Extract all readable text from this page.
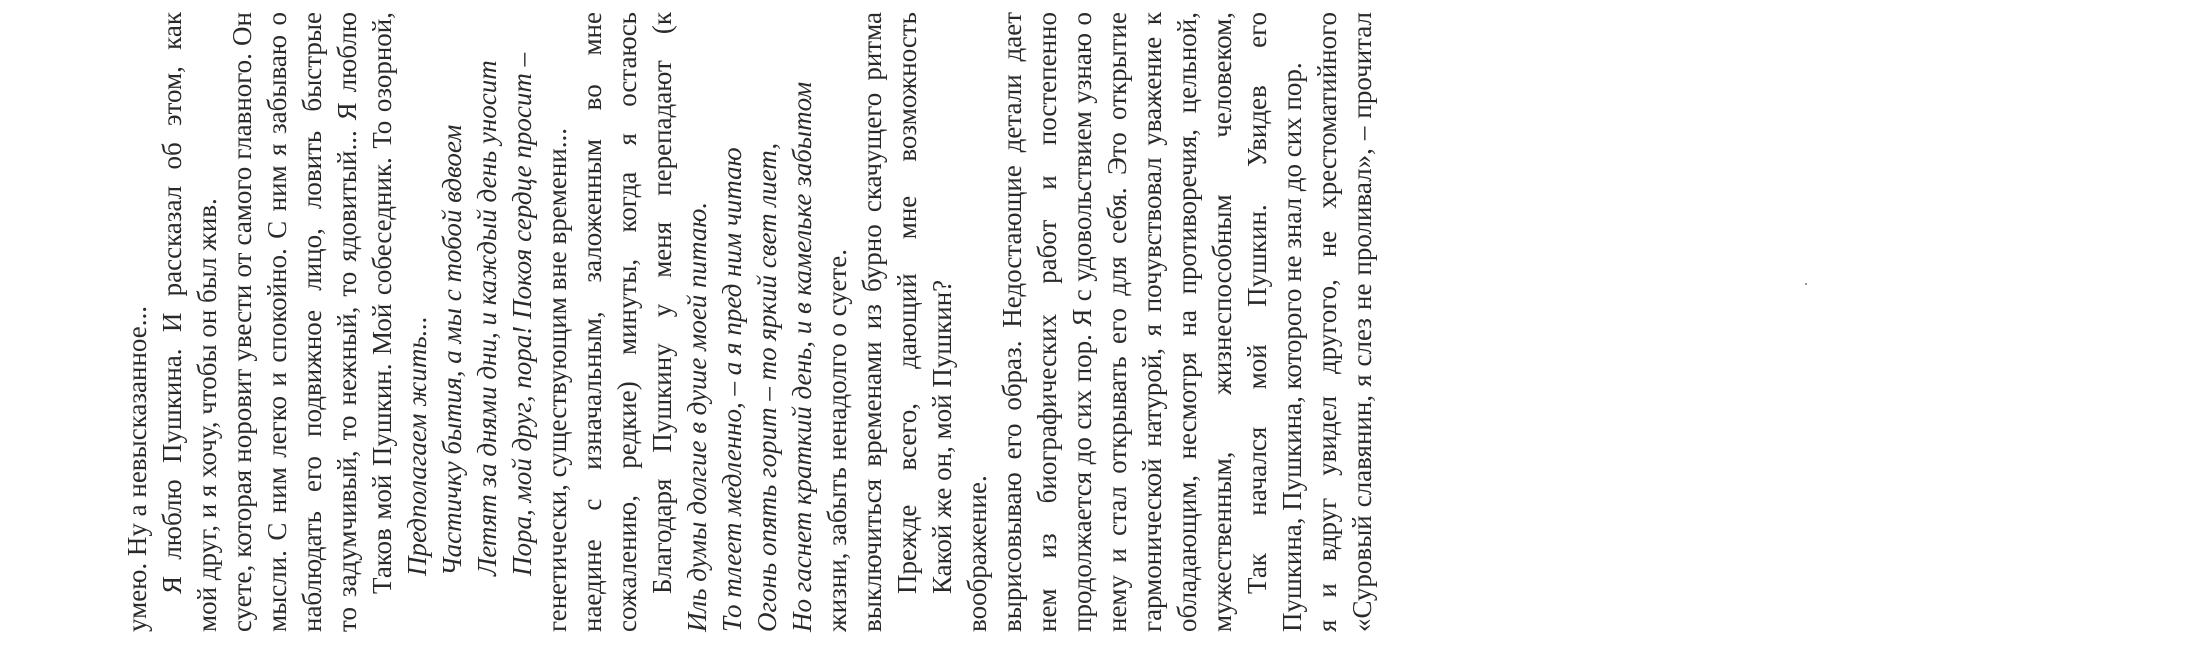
«Суровый славянин, я слез не проливал», – прочитал я и вдруг увидел другого, не хрестоматийного Пушкина, Пушкина, которого не знал до сих пор.
Так начался мой Пушкин. Увидев его мужественным, жизнеспособным человеком, обладающим, несмотря на противоречия, цельной, гармонической натурой, я почувствовал уважение к нему и стал открывать его для себя. Это открытие продолжается до сих пор. Я с удовольствием узнаю о нем из биографических работ и постепенно вырисовываю его образ. Недостающие детали дает воображение.
Какой же он, мой Пушкин?
Прежде всего, дающий мне возможность выключиться временами из бурно скачущего ритма жизни, забыть ненадолго о суете.
Но гаснет краткий день, и в камельке забытом
Огонь опять горит – то яркий свет лиет,
То тлеет медленно, – а я пред ним читаю
Иль думы долгие в душе моей питаю.
Благодаря Пушкину у меня перепадают (к сожалению, редкие) минуты, когда я остаюсь наедине с изначальным, заложенным во мне генетически, существующим вне времени...
Пора, мой друг, пора! Покоя сердце просит –
Летят за днями дни, и каждый день уносит
Частичку бытия, а мы с тобой вдвоем
Предполагаем жить...
Таков мой Пушкин. Мой собеседник. То озорной, то задумчивый, то нежный, то ядовитый... Я люблю наблюдать его подвижное лицо, ловить быстрые мысли. С ним легко и спокойно. С ним я забываю о суете, которая норовит увести от самого главного. Он мой друг, и я хочу, чтобы он был жив.
Я люблю Пушкина. И рассказал об этом, как умею. Ну а невысказанное...
